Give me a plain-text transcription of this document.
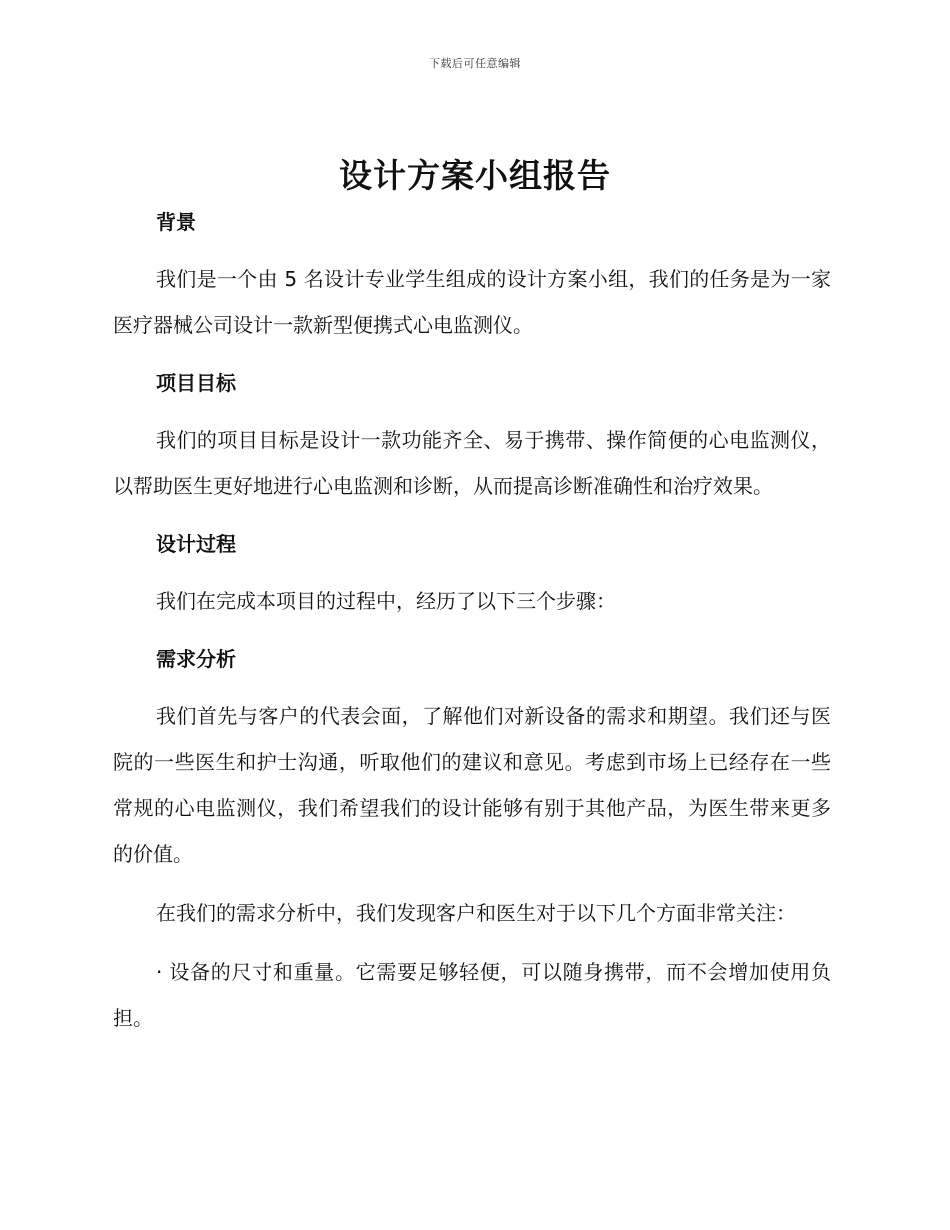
下载后可任意编辑
设计方案小组报告
背景

我们是一个由 5 名设计专业学生组成的设计方案小组，我们的任务是为一家医疗器械公司设计一款新型便携式心电监测仪。

项目目标

我们的项目目标是设计一款功能齐全、易于携带、操作简便的心电监测仪，以帮助医生更好地进行心电监测和诊断，从而提高诊断准确性和治疗效果。

设计过程

我们在完成本项目的过程中，经历了以下三个步骤：

需求分析

我们首先与客户的代表会面，了解他们对新设备的需求和期望。我们还与医院的一些医生和护士沟通，听取他们的建议和意见。考虑到市场上已经存在一些常规的心电监测仪，我们希望我们的设计能够有别于其他产品，为医生带来更多的价值。

在我们的需求分析中，我们发现客户和医生对于以下几个方面非常关注：

· 设备的尺寸和重量。它需要足够轻便，可以随身携带，而不会增加使用负担。
